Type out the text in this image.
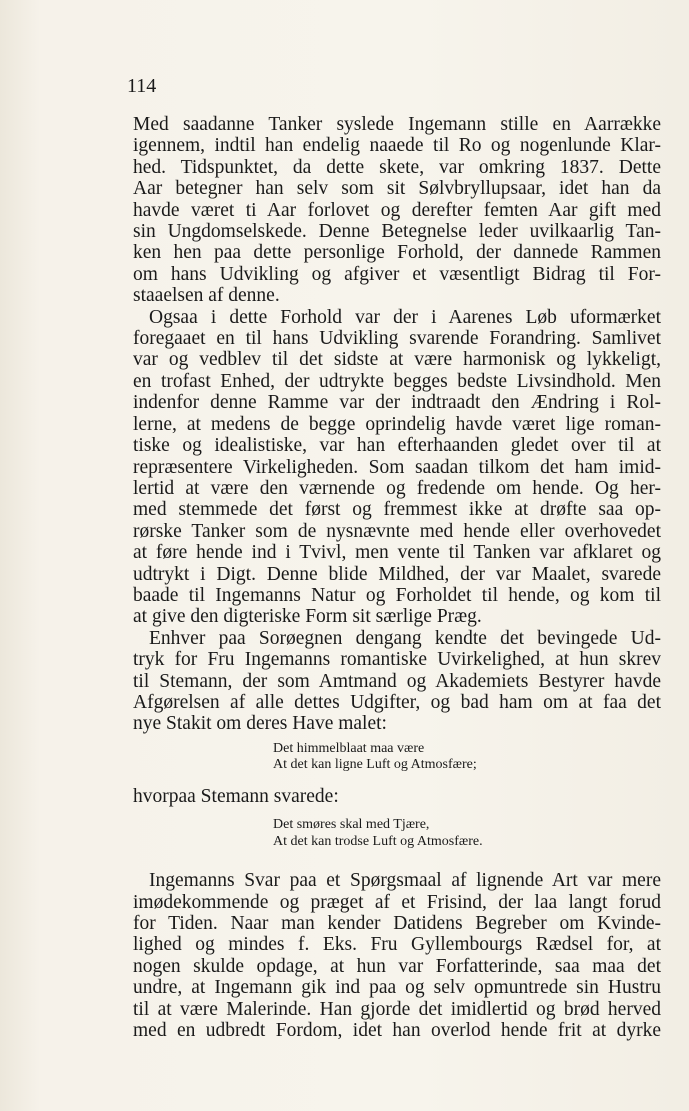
114

Med saadanne Tanker syslede Ingemann stille en Aarrække
igennem, indtil han endelig naaede til Ro og nogenlunde Klar-
hed. Tidspunktet, da dette skete, var omkring 1837. Dette
Aar betegner han selv som sit Sølvbryllupsaar, idet han da
havde været ti Aar forlovet og derefter femten Aar gift med
sin Ungdomselskede. Denne Betegnelse leder uvilkaarlig Tan-
ken hen paa dette personlige Forhold, der dannede Rammen
om hans Udvikling og afgiver et væsentligt Bidrag til For-
staaelsen af denne.

Ogsaa i dette Forhold var der i Aarenes Løb uformærket
foregaaet en til hans Udvikling svarende Forandring. Samlivet
var og vedblev til det sidste at være harmonisk og lykkeligt,
en trofast Enhed, der udtrykte begges bedste Livsindhold. Men
indenfor denne Ramme var der indtraadt den Ændring i Rol-
lerne, at medens de begge oprindelig havde været lige roman-
tiske og idealistiske, var han efterhaanden gledet over til at
repræsentere Virkeligheden. Som saadan tilkom det ham imid-
lertid at være den værnende og fredende om hende. Og her-
med stemmede det først og fremmest ikke at drøfte saa op-
rørske Tanker som de nysnævnte med hende eller overhovedet
at føre hende ind i Tvivl, men vente til Tanken var afklaret og
udtrykt i Digt. Denne blide Mildhed, der var Maalet, svarede
baade til Ingemanns Natur og Forholdet til hende, og kom til
at give den digteriske Form sit særlige Præg.

Enhver paa Sorøegnen dengang kendte det bevingede Ud-
tryk for Fru Ingemanns romantiske Uvirkelighed, at hun skrev
til Stemann, der som Amtmand og Akademiets Bestyrer havde
Afgørelsen af alle dettes Udgifter, og bad ham om at faa det
nye Stakit om deres Have malet:

Det himmelblaat maa være
At det kan ligne Luft og Atmosfære;

hvorpaa Stemann svarede:

Det smøres skal med Tjære,
At det kan trodse Luft og Atmosfære.

Ingemanns Svar paa et Spørgsmaal af lignende Art var mere
imødekommende og præget af et Frisind, der laa langt forud
for Tiden. Naar man kender Datidens Begreber om Kvinde-
lighed og mindes f. Eks. Fru Gyllembourgs Rædsel for, at
nogen skulde opdage, at hun var Forfatterinde, saa maa det
undre, at Ingemann gik ind paa og selv opmuntrede sin Hustru
til at være Malerinde. Han gjorde det imidlertid og brød herved
med en udbredt Fordom, idet han overlod hende frit at dyrke
